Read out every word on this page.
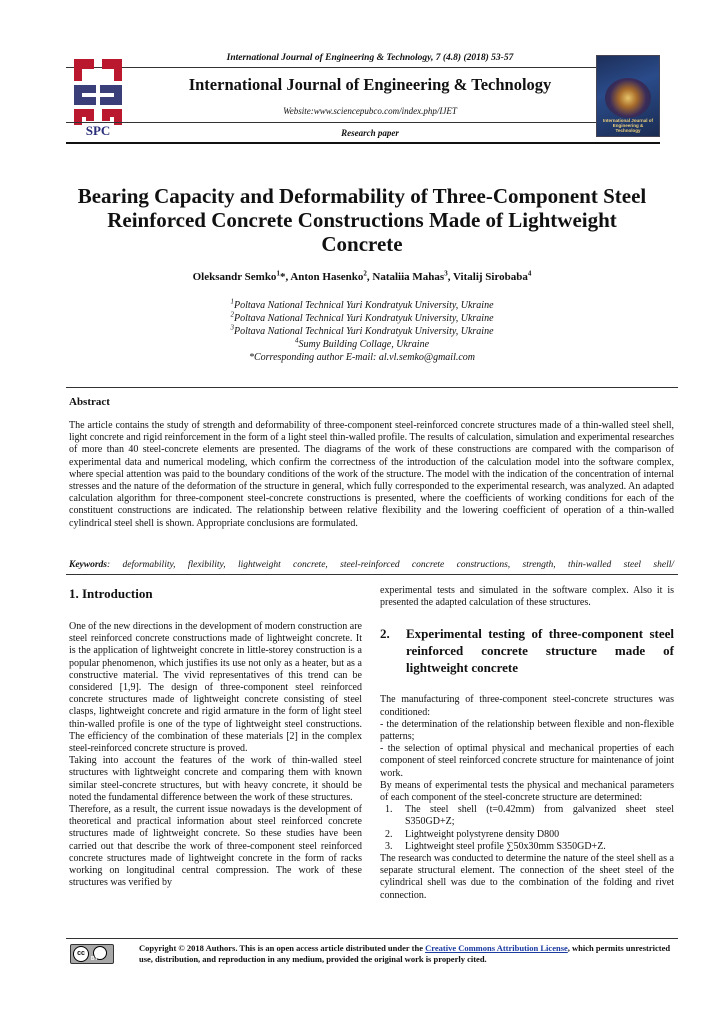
International Journal of Engineering & Technology, 7 (4.8) (2018) 53-57
SPC
International Journal of Engineering & Technology
Website:www.sciencepubco.com/index.php/IJET
Research paper
International Journal of Engineering & Technology
Bearing Capacity and Deformability of Three-Component Steel
Reinforced Concrete Constructions Made of Lightweight
Concrete
Oleksandr Semko$^1$*, Anton Hasenko$^2$, Nataliia Mahas$^3$, Vitalij Sirobaba$^4$
$^1$Poltava National Technical Yuri Kondratyuk University, Ukraine
$^2$Poltava National Technical Yuri Kondratyuk University, Ukraine
$^3$Poltava National Technical Yuri Kondratyuk University, Ukraine
$^4$Sumy Building Collage, Ukraine
*Corresponding author E-mail: al.vl.semko@gmail.com
Abstract
The article contains the study of strength and deformability of three-component steel-reinforced concrete structures made of a thin-walled steel shell, light concrete and rigid reinforcement in the form of a light steel thin-walled profile. The results of calculation, simulation and experimental researches of more than 40 steel-concrete elements are presented. The diagrams of the work of these constructions are compared with the comparison of experimental data and numerical modeling, which confirm the correctness of the introduction of the calculation model into the software complex, where special attention was paid to the boundary conditions of the work of the structure. The model with the indication of the concentration of internal stresses and the nature of the deformation of the structure in general, which fully corresponded to the experimental research, was analyzed. An adapted calculation algorithm for three-component steel-concrete constructions is presented, where the coefficients of working conditions for each of the constituent constructions are indicated. The relationship between relative flexibility and the lowering coefficient of operation of a thin-walled cylindrical steel shell is shown. Appropriate conclusions are formulated.
Keywords: deformability, flexibility, lightweight concrete, steel-reinforced concrete constructions, strength, thin-walled steel shell/
1. Introduction
One of the new directions in the development of modern construction are steel reinforced concrete constructions made of lightweight concrete. It is the application of lightweight concrete in little-storey construction is a popular phenomenon, which justifies its use not only as a heater, but as a constructive material. The vivid representatives of this trend can be considered [1,9]. The design of three-component steel reinforced concrete structures made of lightweight concrete consisting of steel clasps, lightweight concrete and rigid armature in the form of light steel thin-walled profile is one of the type of lightweight steel constructions. The efficiency of the combination of these materials [2] in the complex steel-reinforced concrete structure is proved.
Taking into account the features of the work of thin-walled steel structures with lightweight concrete and comparing them with known similar steel-concrete structures, but with heavy concrete, it should be noted the fundamental difference between the work of these structures.
Therefore, as a result, the current issue nowadays is the development of theoretical and practical information about steel reinforced concrete structures made of lightweight concrete. So these studies have been carried out that describe the work of three-component steel reinforced concrete structures made of lightweight concrete in the form of racks working on longitudinal central compression. The work of these structures was verified by
experimental tests and simulated in the software complex. Also it is presented the adapted calculation of these structures.
2. Experimental testing of three-component steel reinforced concrete structure made of lightweight concrete
The manufacturing of three-component steel-concrete structures was conditioned:
- the determination of the relationship between flexible and non-flexible patterns;
- the selection of optimal physical and mechanical properties of each component of steel reinforced concrete structure for maintenance of joint work.
By means of experimental tests the physical and mechanical parameters of each component of the steel-concrete structure are determined:
1. The steel shell (t=0.42mm) from galvanized sheet steel S350GD+Z;
2. Lightweight polystyrene density D800
3. Lightweight steel profile ∑50x30mm S350GD+Z.
The research was conducted to determine the nature of the steel shell as a separate structural element. The connection of the sheet steel of the cylindrical shell was due to the combination of the folding and rivet connection.
cc
BY
Copyright © 2018 Authors. This is an open access article distributed under the Creative Commons Attribution License, which permits unrestricted use, distribution, and reproduction in any medium, provided the original work is properly cited.
